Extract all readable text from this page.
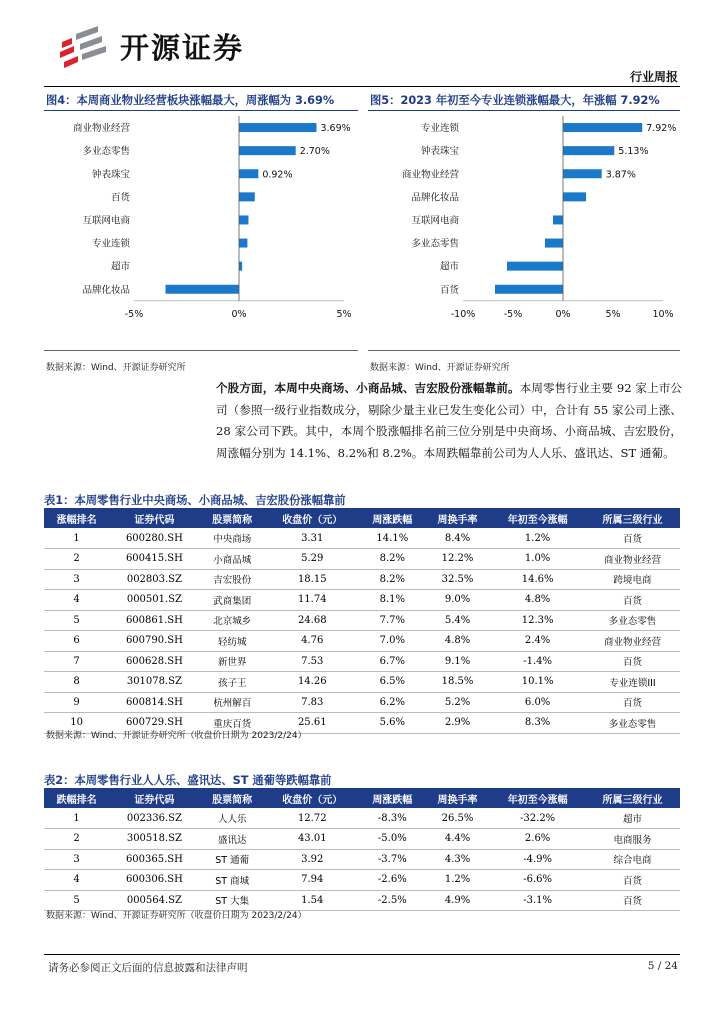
开源证券
行业周报
图4：本周商业物业经营板块涨幅最大，周涨幅为 3.69%
商业物业经营	3.69%
多业态零售	2.70%
钟表珠宝	0.92%
百货
互联网电商
专业连锁
超市
品牌化妆品
-5%	0%	5%
数据来源：Wind、开源证券研究所
图5：2023 年初至今专业连锁涨幅最大，年涨幅 7.92%
专业连锁	7.92%
钟表珠宝	5.13%
商业物业经营	3.87%
品牌化妆品
互联网电商
多业态零售
超市
百货
-10%	-5%	0%	5%	10%
数据来源：Wind、开源证券研究所
个股方面，本周中央商场、小商品城、吉宏股份涨幅靠前。本周零售行业主要 92 家上市公司（参照一级行业指数成分，剔除少量主业已发生变化公司）中，合计有 55 家公司上涨、28 家公司下跌。其中，本周个股涨幅排名前三位分别是中央商场、小商品城、吉宏股份，周涨幅分别为 14.1%、8.2%和 8.2%。本周跌幅靠前公司为人人乐、盛讯达、ST 通葡。
表1：本周零售行业中央商场、小商品城、吉宏股份涨幅靠前
涨幅排名	证券代码	股票简称	收盘价（元）	周涨跌幅	周换手率	年初至今涨幅	所属三级行业
1	600280.SH	中央商场	3.31	14.1%	8.4%	1.2%	百货
2	600415.SH	小商品城	5.29	8.2%	12.2%	1.0%	商业物业经营
3	002803.SZ	吉宏股份	18.15	8.2%	32.5%	14.6%	跨境电商
4	000501.SZ	武商集团	11.74	8.1%	9.0%	4.8%	百货
5	600861.SH	北京城乡	24.68	7.7%	5.4%	12.3%	多业态零售
6	600790.SH	轻纺城	4.76	7.0%	4.8%	2.4%	商业物业经营
7	600628.SH	新世界	7.53	6.7%	9.1%	-1.4%	百货
8	301078.SZ	孩子王	14.26	6.5%	18.5%	10.1%	专业连锁III
9	600814.SH	杭州解百	7.83	6.2%	5.2%	6.0%	百货
10	600729.SH	重庆百货	25.61	5.6%	2.9%	8.3%	多业态零售
数据来源：Wind、开源证券研究所（收盘价日期为 2023/2/24）
表2：本周零售行业人人乐、盛讯达、ST 通葡等跌幅靠前
跌幅排名	证券代码	股票简称	收盘价（元）	周涨跌幅	周换手率	年初至今涨幅	所属三级行业
1	002336.SZ	人人乐	12.72	-8.3%	26.5%	-32.2%	超市
2	300518.SZ	盛讯达	43.01	-5.0%	4.4%	2.6%	电商服务
3	600365.SH	ST 通葡	3.92	-3.7%	4.3%	-4.9%	综合电商
4	600306.SH	ST 商城	7.94	-2.6%	1.2%	-6.6%	百货
5	000564.SZ	ST 大集	1.54	-2.5%	4.9%	-3.1%	百货
数据来源：Wind、开源证券研究所（收盘价日期为 2023/2/24）
请务必参阅正文后面的信息披露和法律声明	5 / 24
